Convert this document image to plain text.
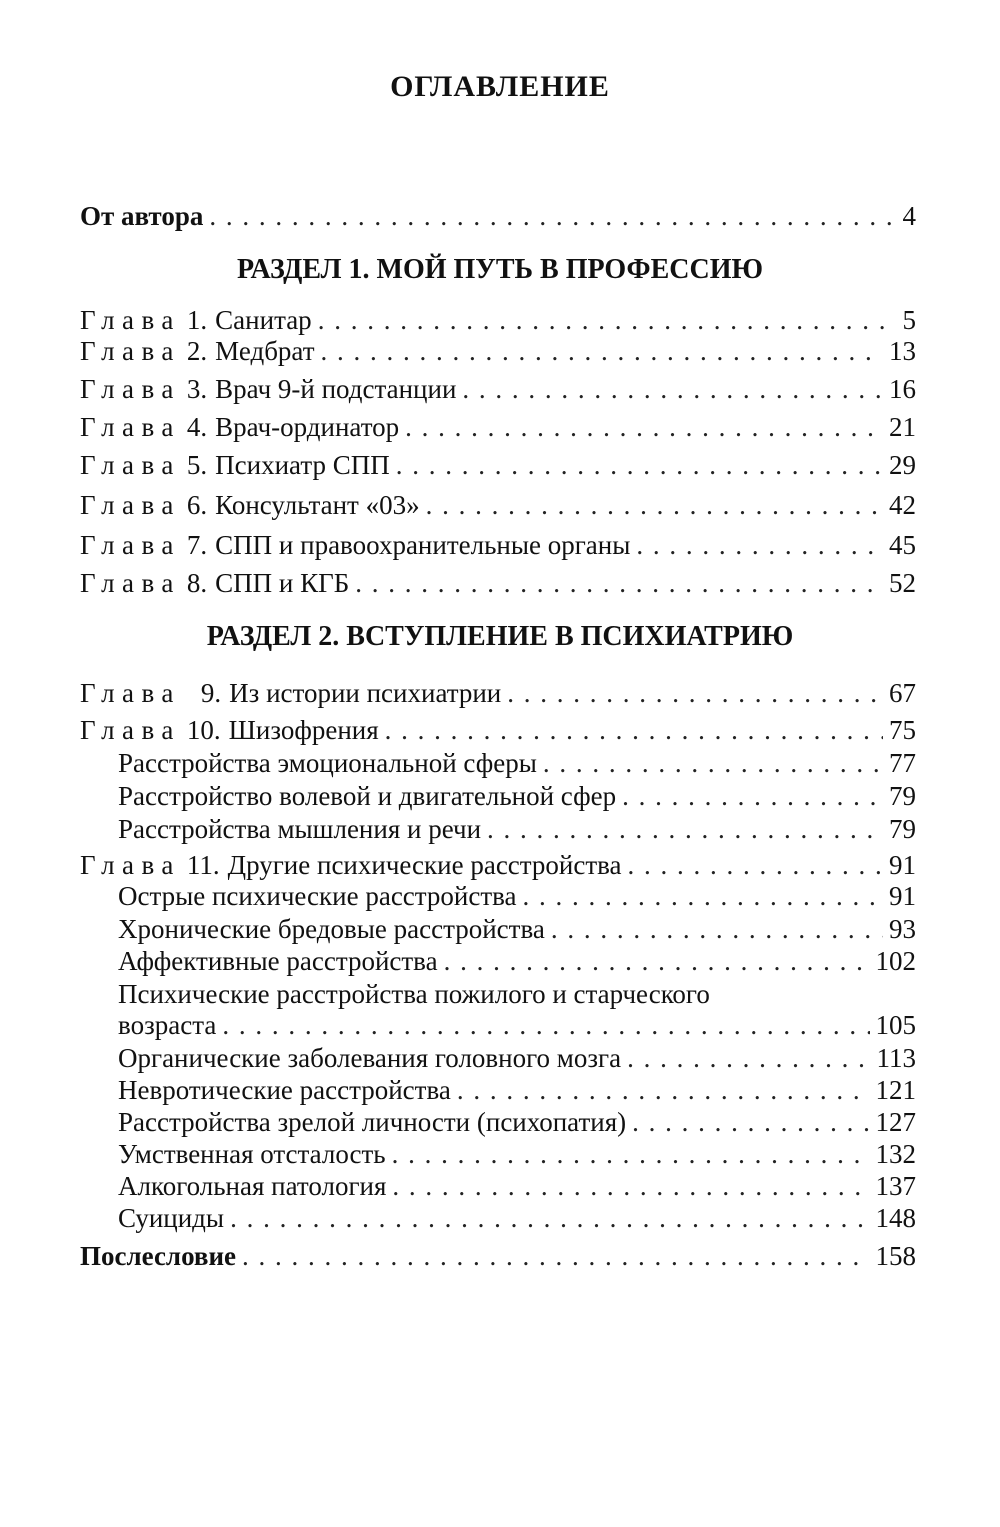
ОГЛАВЛЕНИЕ
От автора . . .	4
РАЗДЕЛ 1. МОЙ ПУТЬ В ПРОФЕССИЮ
Глава 1. Санитар . . .	5
Глава 2. Медбрат . . .	13
Глава 3. Врач 9-й подстанции . . .	16
Глава 4. Врач-ординатор . . .	21
Глава 5. Психиатр СПП . . .	29
Глава 6. Консультант «03» . . .	42
Глава 7. СПП и правоохранительные органы . . .	45
Глава 8. СПП и КГБ . . .	52
РАЗДЕЛ 2. ВСТУПЛЕНИЕ В ПСИХИАТРИЮ
Глава 9. Из истории психиатрии . . .	67
Глава 10. Шизофрения . . .	75
Расстройства эмоциональной сферы . . .	77
Расстройство волевой и двигательной сфер . . .	79
Расстройства мышления и речи . . .	79
Глава 11. Другие психические расстройства . . .	91
Острые психические расстройства . . .	91
Хронические бредовые расстройства . . .	93
Аффективные расстройства . . .	102
Психические расстройства пожилого и старческого
возраста . . .	105
Органические заболевания головного мозга . . .	113
Невротические расстройства . . .	121
Расстройства зрелой личности (психопатия) . . .	127
Умственная отсталость . . .	132
Алкогольная патология . . .	137
Суициды . . .	148
Послесловие . . .	158
